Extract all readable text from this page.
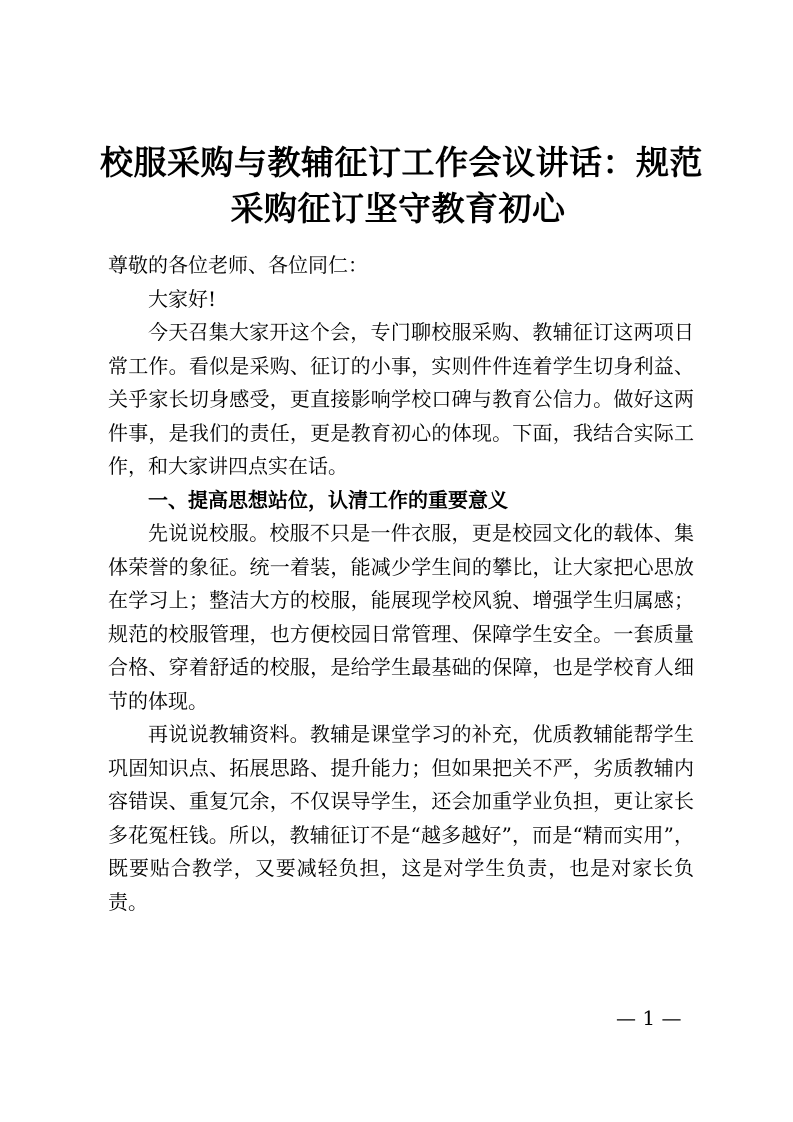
校服采购与教辅征订工作会议讲话：规范
采购征订坚守教育初心

尊敬的各位老师、各位同仁：

大家好!

今天召集大家开这个会，专门聊校服采购、教辅征订这两项日常工作。看似是采购、征订的小事，实则件件连着学生切身利益、关乎家长切身感受，更直接影响学校口碑与教育公信力。做好这两件事，是我们的责任，更是教育初心的体现。下面，我结合实际工作，和大家讲四点实在话。

一、提高思想站位，认清工作的重要意义

先说说校服。校服不只是一件衣服，更是校园文化的载体、集体荣誉的象征。统一着装，能减少学生间的攀比，让大家把心思放在学习上；整洁大方的校服，能展现学校风貌、增强学生归属感；规范的校服管理，也方便校园日常管理、保障学生安全。一套质量合格、穿着舒适的校服，是给学生最基础的保障，也是学校育人细节的体现。

再说说教辅资料。教辅是课堂学习的补充，优质教辅能帮学生巩固知识点、拓展思路、提升能力；但如果把关不严，劣质教辅内容错误、重复冗余，不仅误导学生，还会加重学业负担，更让家长多花冤枉钱。所以，教辅征订不是“越多越好”，而是“精而实用”，既要贴合教学，又要减轻负担，这是对学生负责，也是对家长负责。

— 1 —
